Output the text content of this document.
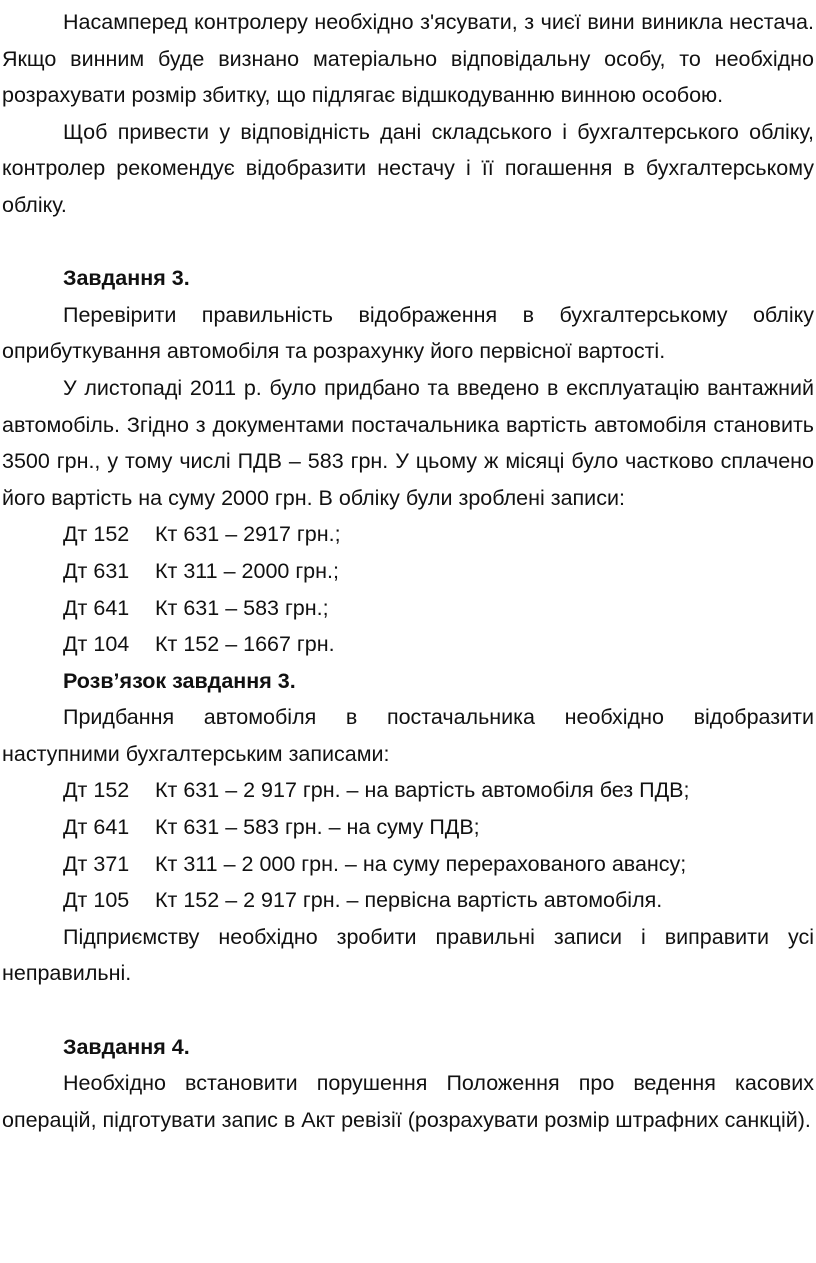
Насамперед контролеру необхідно з'ясувати, з чиєї вини виникла нестача. Якщо винним буде визнано матеріально відповідальну особу, то необхідно розрахувати розмір збитку, що підлягає відшкодуванню винною особою.

Щоб привести у відповідність дані складського і бухгалтерського обліку, контролер рекомендує відобразити нестачу і її погашення в бухгалтерському обліку.

Завдання 3.

Перевірити правильність відображення в бухгалтерському обліку оприбуткування автомобіля та розрахунку його первісної вартості.

У листопаді 2011 р. було придбано та введено в експлуатацію вантажний автомобіль. Згідно з документами постачальника вартість автомобіля становить 3500 грн., у тому числі ПДВ – 583 грн. У цьому ж місяці було частково сплачено його вартість на суму 2000 грн. В обліку були зроблені записи:

Дт 152 Кт 631 – 2917 грн.;

Дт 631 Кт 311 – 2000 грн.;

Дт 641 Кт 631 – 583 грн.;

Дт 104 Кт 152 – 1667 грн.

Розв’язок завдання 3.

Придбання автомобіля в постачальника необхідно відобразити наступними бухгалтерським записами:

Дт 152 Кт 631 – 2 917 грн. – на вартість автомобіля без ПДВ;

Дт 641 Кт 631 – 583 грн. – на суму ПДВ;

Дт 371 Кт 311 – 2 000 грн. – на суму перерахованого авансу;

Дт 105 Кт 152 – 2 917 грн. – первісна вартість автомобіля.

Підприємству необхідно зробити правильні записи і виправити усі неправильні.

Завдання 4.

Необхідно встановити порушення Положення про ведення касових операцій, підготувати запис в Акт ревізії (розрахувати розмір штрафних санкцій).
